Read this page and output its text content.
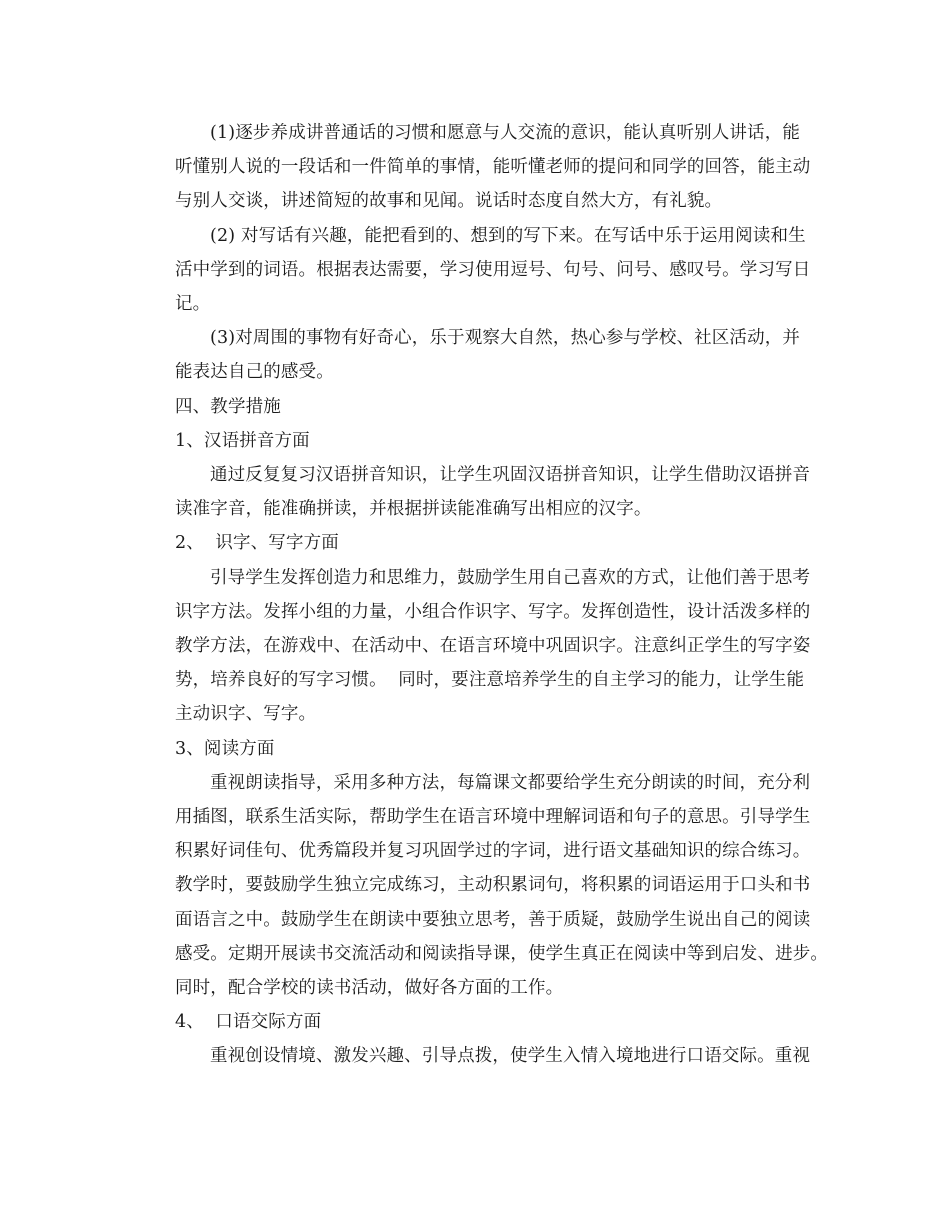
(1)逐步养成讲普通话的习惯和愿意与人交流的意识，能认真听别人讲话，能
听懂别人说的一段话和一件简单的事情，能听懂老师的提问和同学的回答，能主动
与别人交谈，讲述简短的故事和见闻。说话时态度自然大方，有礼貌。
(2) 对写话有兴趣，能把看到的、想到的写下来。在写话中乐于运用阅读和生
活中学到的词语。根据表达需要，学习使用逗号、句号、问号、感叹号。学习写日
记。
(3)对周围的事物有好奇心，乐于观察大自然，热心参与学校、社区活动，并
能表达自己的感受。
四、教学措施
1、汉语拼音方面
通过反复复习汉语拼音知识，让学生巩固汉语拼音知识，让学生借助汉语拼音
读准字音，能准确拼读，并根据拼读能准确写出相应的汉字。
2、  识字、写字方面
引导学生发挥创造力和思维力，鼓励学生用自己喜欢的方式，让他们善于思考
识字方法。发挥小组的力量，小组合作识字、写字。发挥创造性，设计活泼多样的
教学方法，在游戏中、在活动中、在语言环境中巩固识字。注意纠正学生的写字姿
势，培养良好的写字习惯。  同时，要注意培养学生的自主学习的能力，让学生能
主动识字、写字。
3、阅读方面
重视朗读指导，采用多种方法，每篇课文都要给学生充分朗读的时间，充分利
用插图，联系生活实际，帮助学生在语言环境中理解词语和句子的意思。引导学生
积累好词佳句、优秀篇段并复习巩固学过的字词，进行语文基础知识的综合练习。
教学时，要鼓励学生独立完成练习，主动积累词句，将积累的词语运用于口头和书
面语言之中。鼓励学生在朗读中要独立思考，善于质疑，鼓励学生说出自己的阅读
感受。定期开展读书交流活动和阅读指导课，使学生真正在阅读中等到启发、进步。
同时，配合学校的读书活动，做好各方面的工作。
4、  口语交际方面
重视创设情境、激发兴趣、引导点拨，使学生入情入境地进行口语交际。重视
